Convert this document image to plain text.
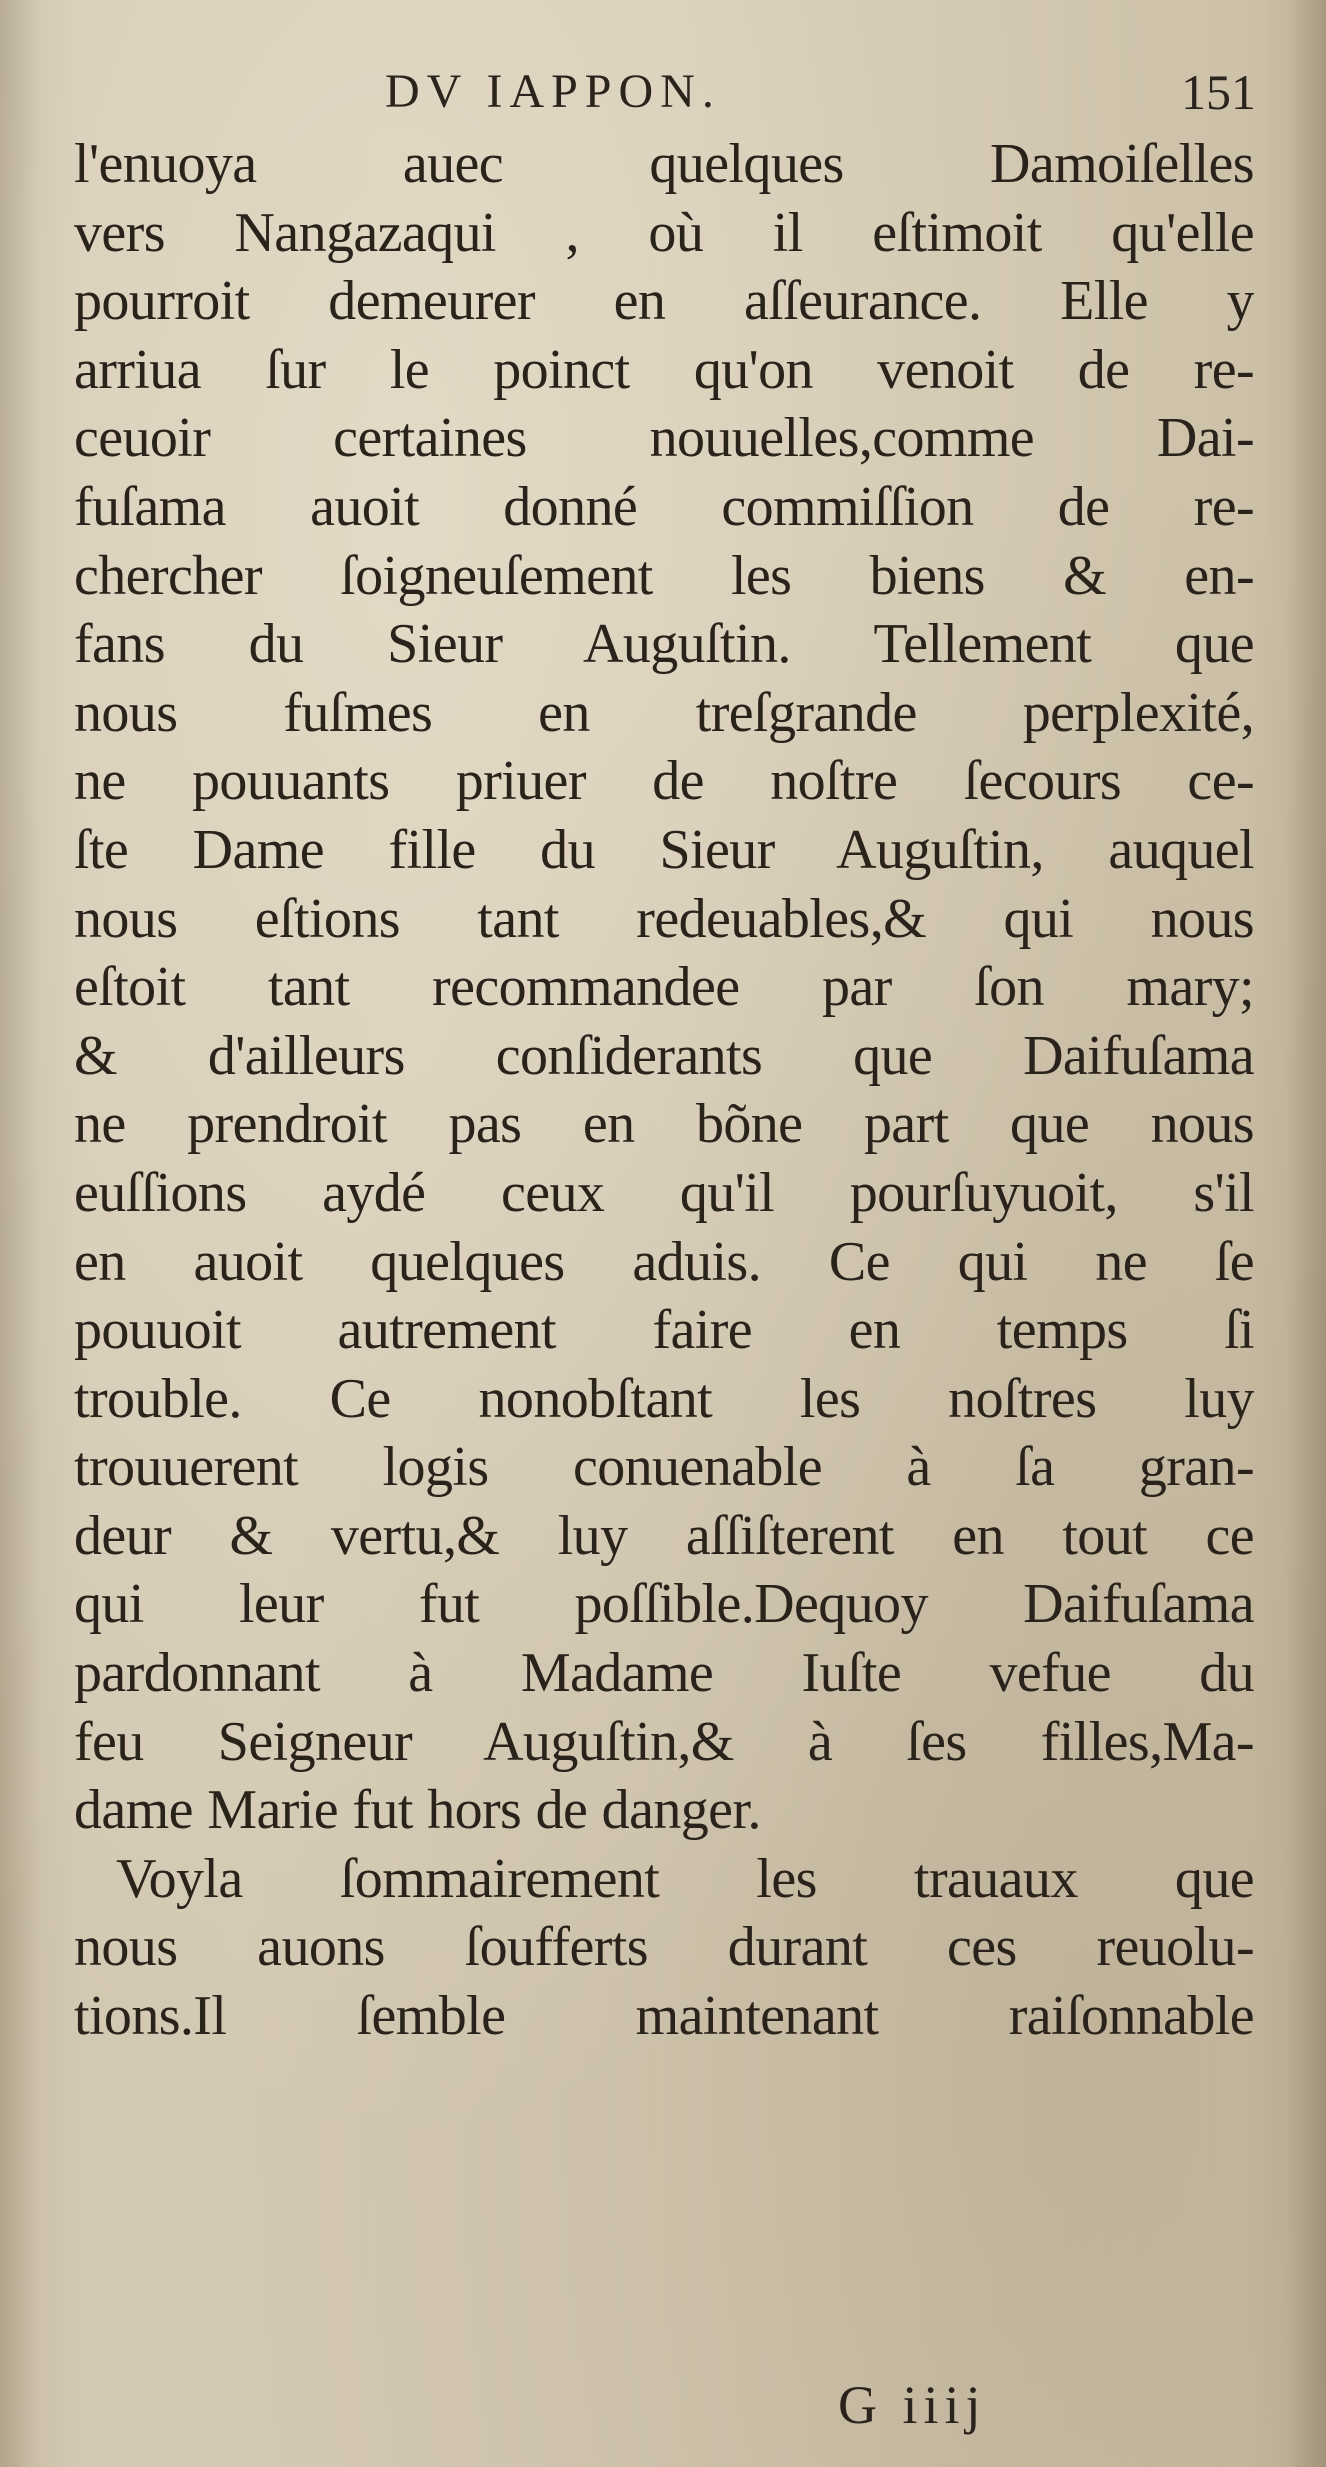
DV IAPPON.	151
l'enuoya auec quelques Damoiſelles
vers Nangazaqui , où il eſtimoit qu'elle
pourroit demeurer en aſſeurance. Elle y
arriua ſur le poinct qu'on venoit de re-
ceuoir certaines nouuelles,comme Dai-
fuſama auoit donné commiſſion de re-
chercher ſoigneuſement les biens & en-
fans du Sieur Auguſtin. Tellement que
nous fuſmes en treſgrande perplexité,
ne pouuants priuer de noſtre ſecours ce-
ſte Dame fille du Sieur Auguſtin, auquel
nous eſtions tant redeuables,& qui nous
eſtoit tant recommandee par ſon mary;
& d'ailleurs conſiderants que Daifuſama
ne prendroit pas en bõne part que nous
euſſions aydé ceux qu'il pourſuyuoit, s'il
en auoit quelques aduis. Ce qui ne ſe
pouuoit autrement faire en temps ſi
trouble. Ce nonobſtant les noſtres luy
trouuerent logis conuenable à ſa gran-
deur & vertu,& luy aſſiſterent en tout ce
qui leur fut poſſible.Dequoy Daifuſama
pardonnant à Madame Iuſte vefue du
feu Seigneur Auguſtin,& à ſes filles,Ma-
dame Marie fut hors de danger.
Voyla ſommairement les trauaux que
nous auons ſoufferts durant ces reuolu-
tions.Il ſemble maintenant raiſonnable
G iiij
